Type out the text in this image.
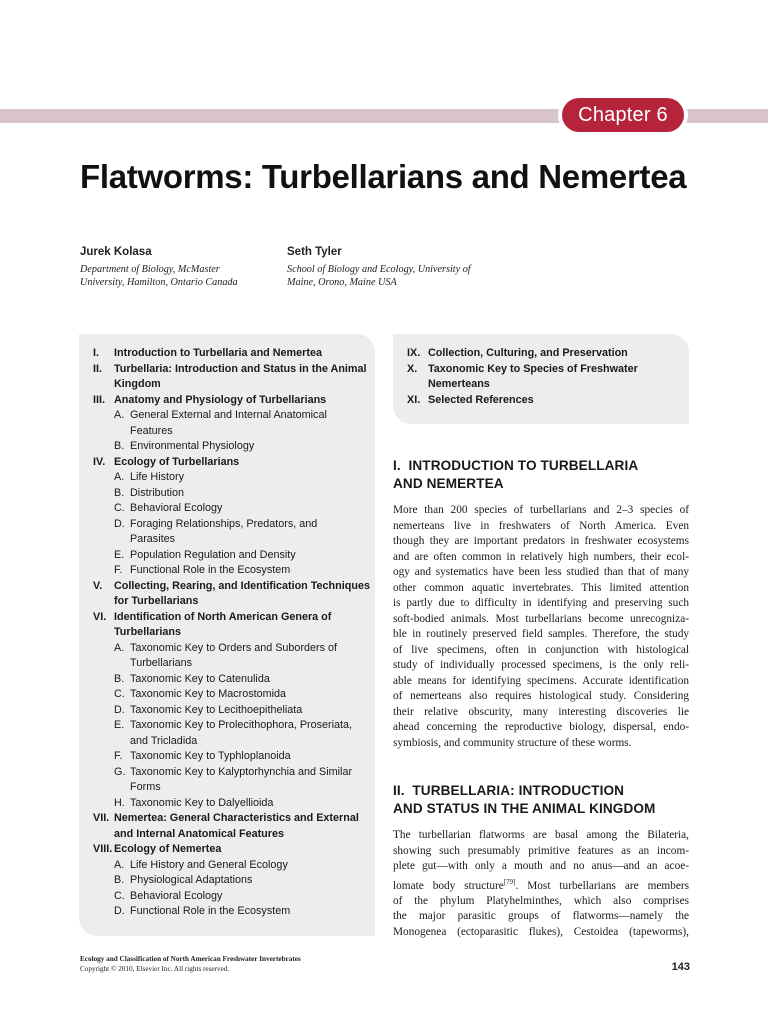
Chapter 6
Flatworms: Turbellarians and Nemertea
Jurek Kolasa
Department of Biology, McMaster
University, Hamilton, Ontario Canada
Seth Tyler
School of Biology and Ecology, University of
Maine, Orono, Maine USA
I. Introduction to Turbellaria and Nemertea
II. Turbellaria: Introduction and Status in the Animal
Kingdom
III. Anatomy and Physiology of Turbellarians
A. General External and Internal Anatomical
Features
B. Environmental Physiology
IV. Ecology of Turbellarians
A. Life History
B. Distribution
C. Behavioral Ecology
D. Foraging Relationships, Predators, and
Parasites
E. Population Regulation and Density
F. Functional Role in the Ecosystem
V. Collecting, Rearing, and Identification Techniques
for Turbellarians
VI. Identification of North American Genera of
Turbellarians
A. Taxonomic Key to Orders and Suborders of
Turbellarians
B. Taxonomic Key to Catenulida
C. Taxonomic Key to Macrostomida
D. Taxonomic Key to Lecithoepitheliata
E. Taxonomic Key to Prolecithophora, Proseriata,
and Tricladida
F. Taxonomic Key to Typhloplanoida
G. Taxonomic Key to Kalyptorhynchia and Similar
Forms
H. Taxonomic Key to Dalyellioida
VII. Nemertea: General Characteristics and External
and Internal Anatomical Features
VIII. Ecology of Nemertea
A. Life History and General Ecology
B. Physiological Adaptations
C. Behavioral Ecology
D. Functional Role in the Ecosystem
IX. Collection, Culturing, and Preservation
X. Taxonomic Key to Species of Freshwater
Nemerteans
XI. Selected References
I.  INTRODUCTION TO TURBELLARIA
AND NEMERTEA
More than 200 species of turbellarians and 2–3 species of
nemerteans live in freshwaters of North America. Even
though they are important predators in freshwater ecosystems
and are often common in relatively high numbers, their ecol-
ogy and systematics have been less studied than that of many
other common aquatic invertebrates. This limited attention
is partly due to difficulty in identifying and preserving such
soft-bodied animals. Most turbellarians become unrecogniza-
ble in routinely preserved field samples. Therefore, the study
of live specimens, often in conjunction with histological
study of individually processed specimens, is the only reli-
able means for identifying specimens. Accurate identification
of nemerteans also requires histological study. Considering
their relative obscurity, many interesting discoveries lie
ahead concerning the reproductive biology, dispersal, endo-
symbiosis, and community structure of these worms.
II.  TURBELLARIA: INTRODUCTION
AND STATUS IN THE ANIMAL KINGDOM
The turbellarian flatworms are basal among the Bilateria,
showing such presumably primitive features as an incom-
plete gut—with only a mouth and no anus—and an acoe-
lomate body structure[79]. Most turbellarians are members
of the phylum Platyhelminthes, which also comprises
the major parasitic groups of flatworms—namely the
Monogenea (ectoparasitic flukes), Cestoidea (tapeworms),
Ecology and Classification of North American Freshwater Invertebrates
Copyright © 2010, Elsevier Inc. All rights reserved.	143
